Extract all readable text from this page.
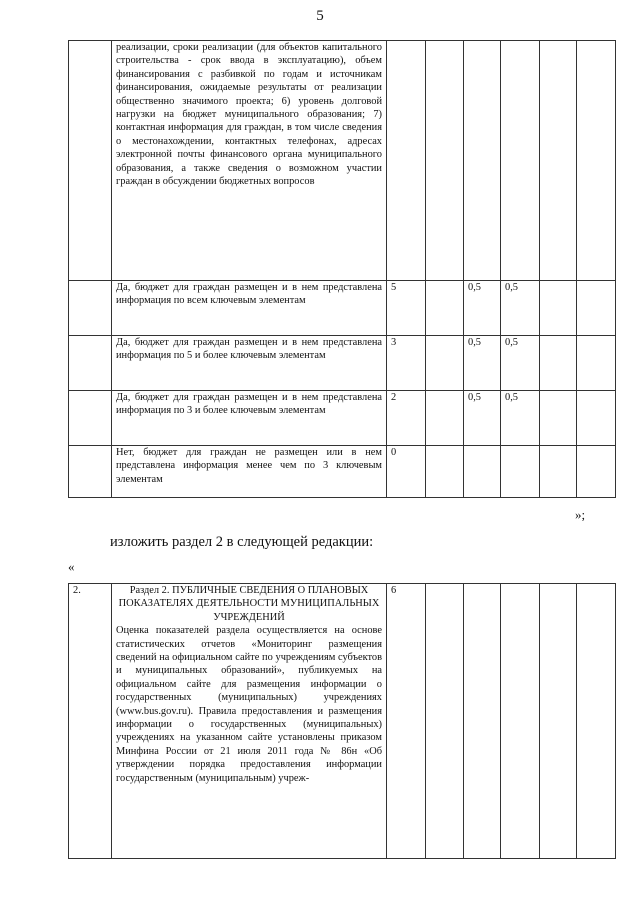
5

	реализации, сроки реализации (для объектов капитального строительства - срок ввода в эксплуатацию), объем финансирования с разбивкой по годам и источникам финансирования, ожидаемые результаты от реализации общественно значимого проекта; 6) уровень долговой нагрузки на бюджет муниципального образования; 7) контактная информация для граждан, в том числе сведения о местонахождении, контактных телефонах, адресах электронной почты финансового органа муниципального образования, а также сведения о возможном участии граждан в обсуждении бюджетных вопросов						

	Да, бюджет для граждан размещен и в нем представлена информация по всем ключевым элементам	5		0,5	0,5		

	Да, бюджет для граждан размещен и в нем представлена информация по 5 и более ключевым элементам	3		0,5	0,5		

	Да, бюджет для граждан размещен и в нем представлена информация по 3 и более ключевым элементам	2		0,5	0,5		

	Нет, бюджет для граждан не размещен или в нем представлена информация менее чем по 3 ключевым элементам	0					
»;
изложить раздел 2 в следующей редакции:
«
2.	Раздел 2. ПУБЛИЧНЫЕ СВЕДЕНИЯ О ПЛАНОВЫХ ПОКАЗАТЕЛЯХ ДЕЯТЕЛЬНОСТИ МУНИЦИПАЛЬНЫХ УЧРЕЖДЕНИЙ
Оценка показателей раздела осуществляется на основе статистических отчетов «Мониторинг размещения сведений на официальном сайте по учреждениям субъектов и муниципальных образований», публикуемых на официальном сайте для размещения информации о государственных (муниципальных) учреждениях (www.bus.gov.ru). Правила предоставления и размещения информации о государственных (муниципальных) учреждениях на указанном сайте установлены приказом Минфина России от 21 июля 2011 года № 86н «Об утверждении порядка предоставления информации государственным (муниципальным) учреж-
	6					
